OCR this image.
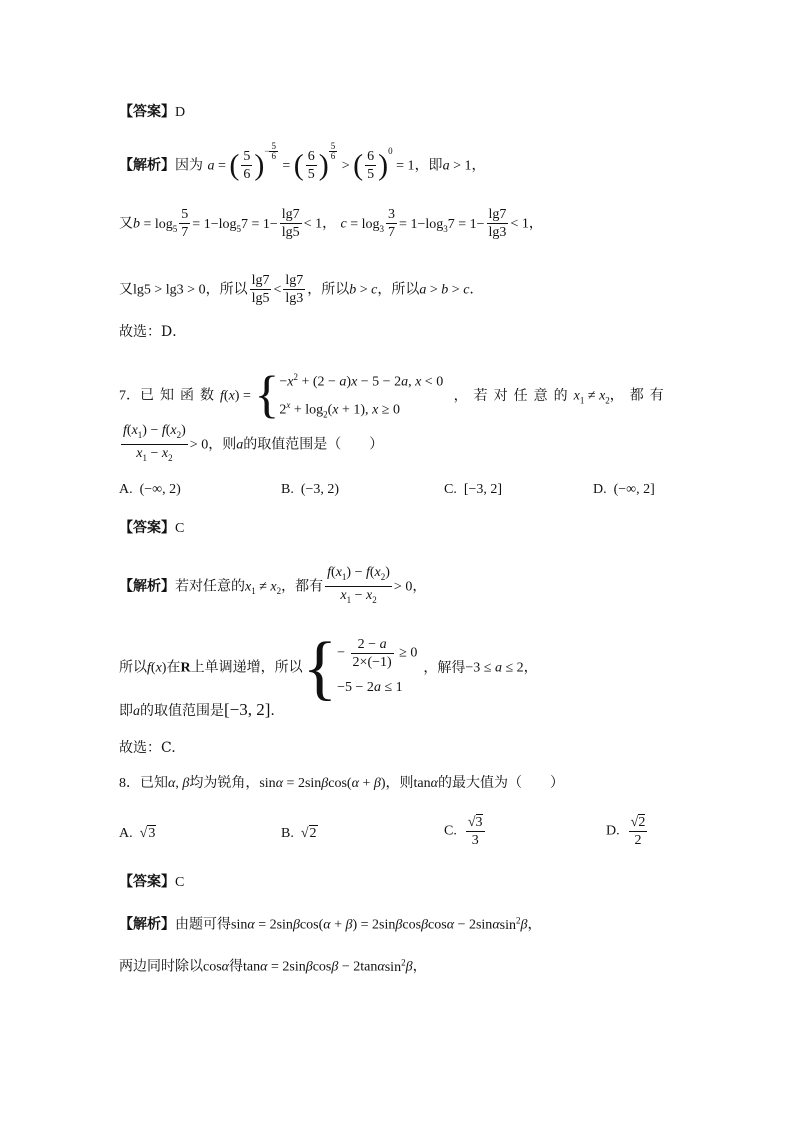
【答案】D
【解析】因为 a = ( $\frac{5}{6} )^{- \frac{5}{6}}$
= ( $\frac{6}{5}$ ) $^{\frac{5}{6}}$
> ( $\frac{6}{5} )^0 = 1$，即a > 1，
又$b = \log_5 \frac{5}{7} = 1-\log_57 = 1- \frac{\lg 7}{\lg 5} < 1$， $c = \log_3 \frac{3}{7} = 1-\log_37 = 1- \frac{\lg 7}{\lg 3} < 1$，
又lg5 > lg3 > 0，所以 $\frac{\lg 7}{\lg 5} < \frac{\lg 7}{\lg 3}$ ，所以b > c，所以a > b > c.
故选：D．
7．已知函数f(x) = { $-x^2 + (2 - a)x - 5 - 2a$, x < 0
$2^x + \log_2(x + 1)$, x ≥ 0
，若对任意的$x_1 \ne x_2$，都有
$\frac{f(x_1) - f(x_2)}{x_1 - x_2} > 0$，则a的取值范围是（　　）
A. (−∞, 2)	B. (−3, 2)	C. [−3, 2]	D. (−∞, 2]
【答案】C
【解析】若对任意的$x_1 \ne x_2$，都有 $\frac{f(x_1) - f(x_2)}{x_1 - x_2} > 0$，
所以f(x)在R上单调递增，所以{ − $\frac{2 - a}{2\times(-1)} \ge 0$
−5 − 2a ≤ 1
，解得−3 ≤ a ≤ 2，
即a的取值范围是[−3, 2].
故选：C.
8．已知α, β均为锐角，sinα = 2sinβcos(α + β)，则tanα的最大值为（　　）
A. √3	B. √2	C. $\frac{√3}{3}$	D. $\frac{√2}{2}$
【答案】C
【解析】由题可得sinα = 2sinβcos(α + β) = 2sinβcosβcosα − 2sinαsin$^2$β，
两边同时除以cosα得tanα = 2sinβcosβ − 2tanαsin$^2$β，
